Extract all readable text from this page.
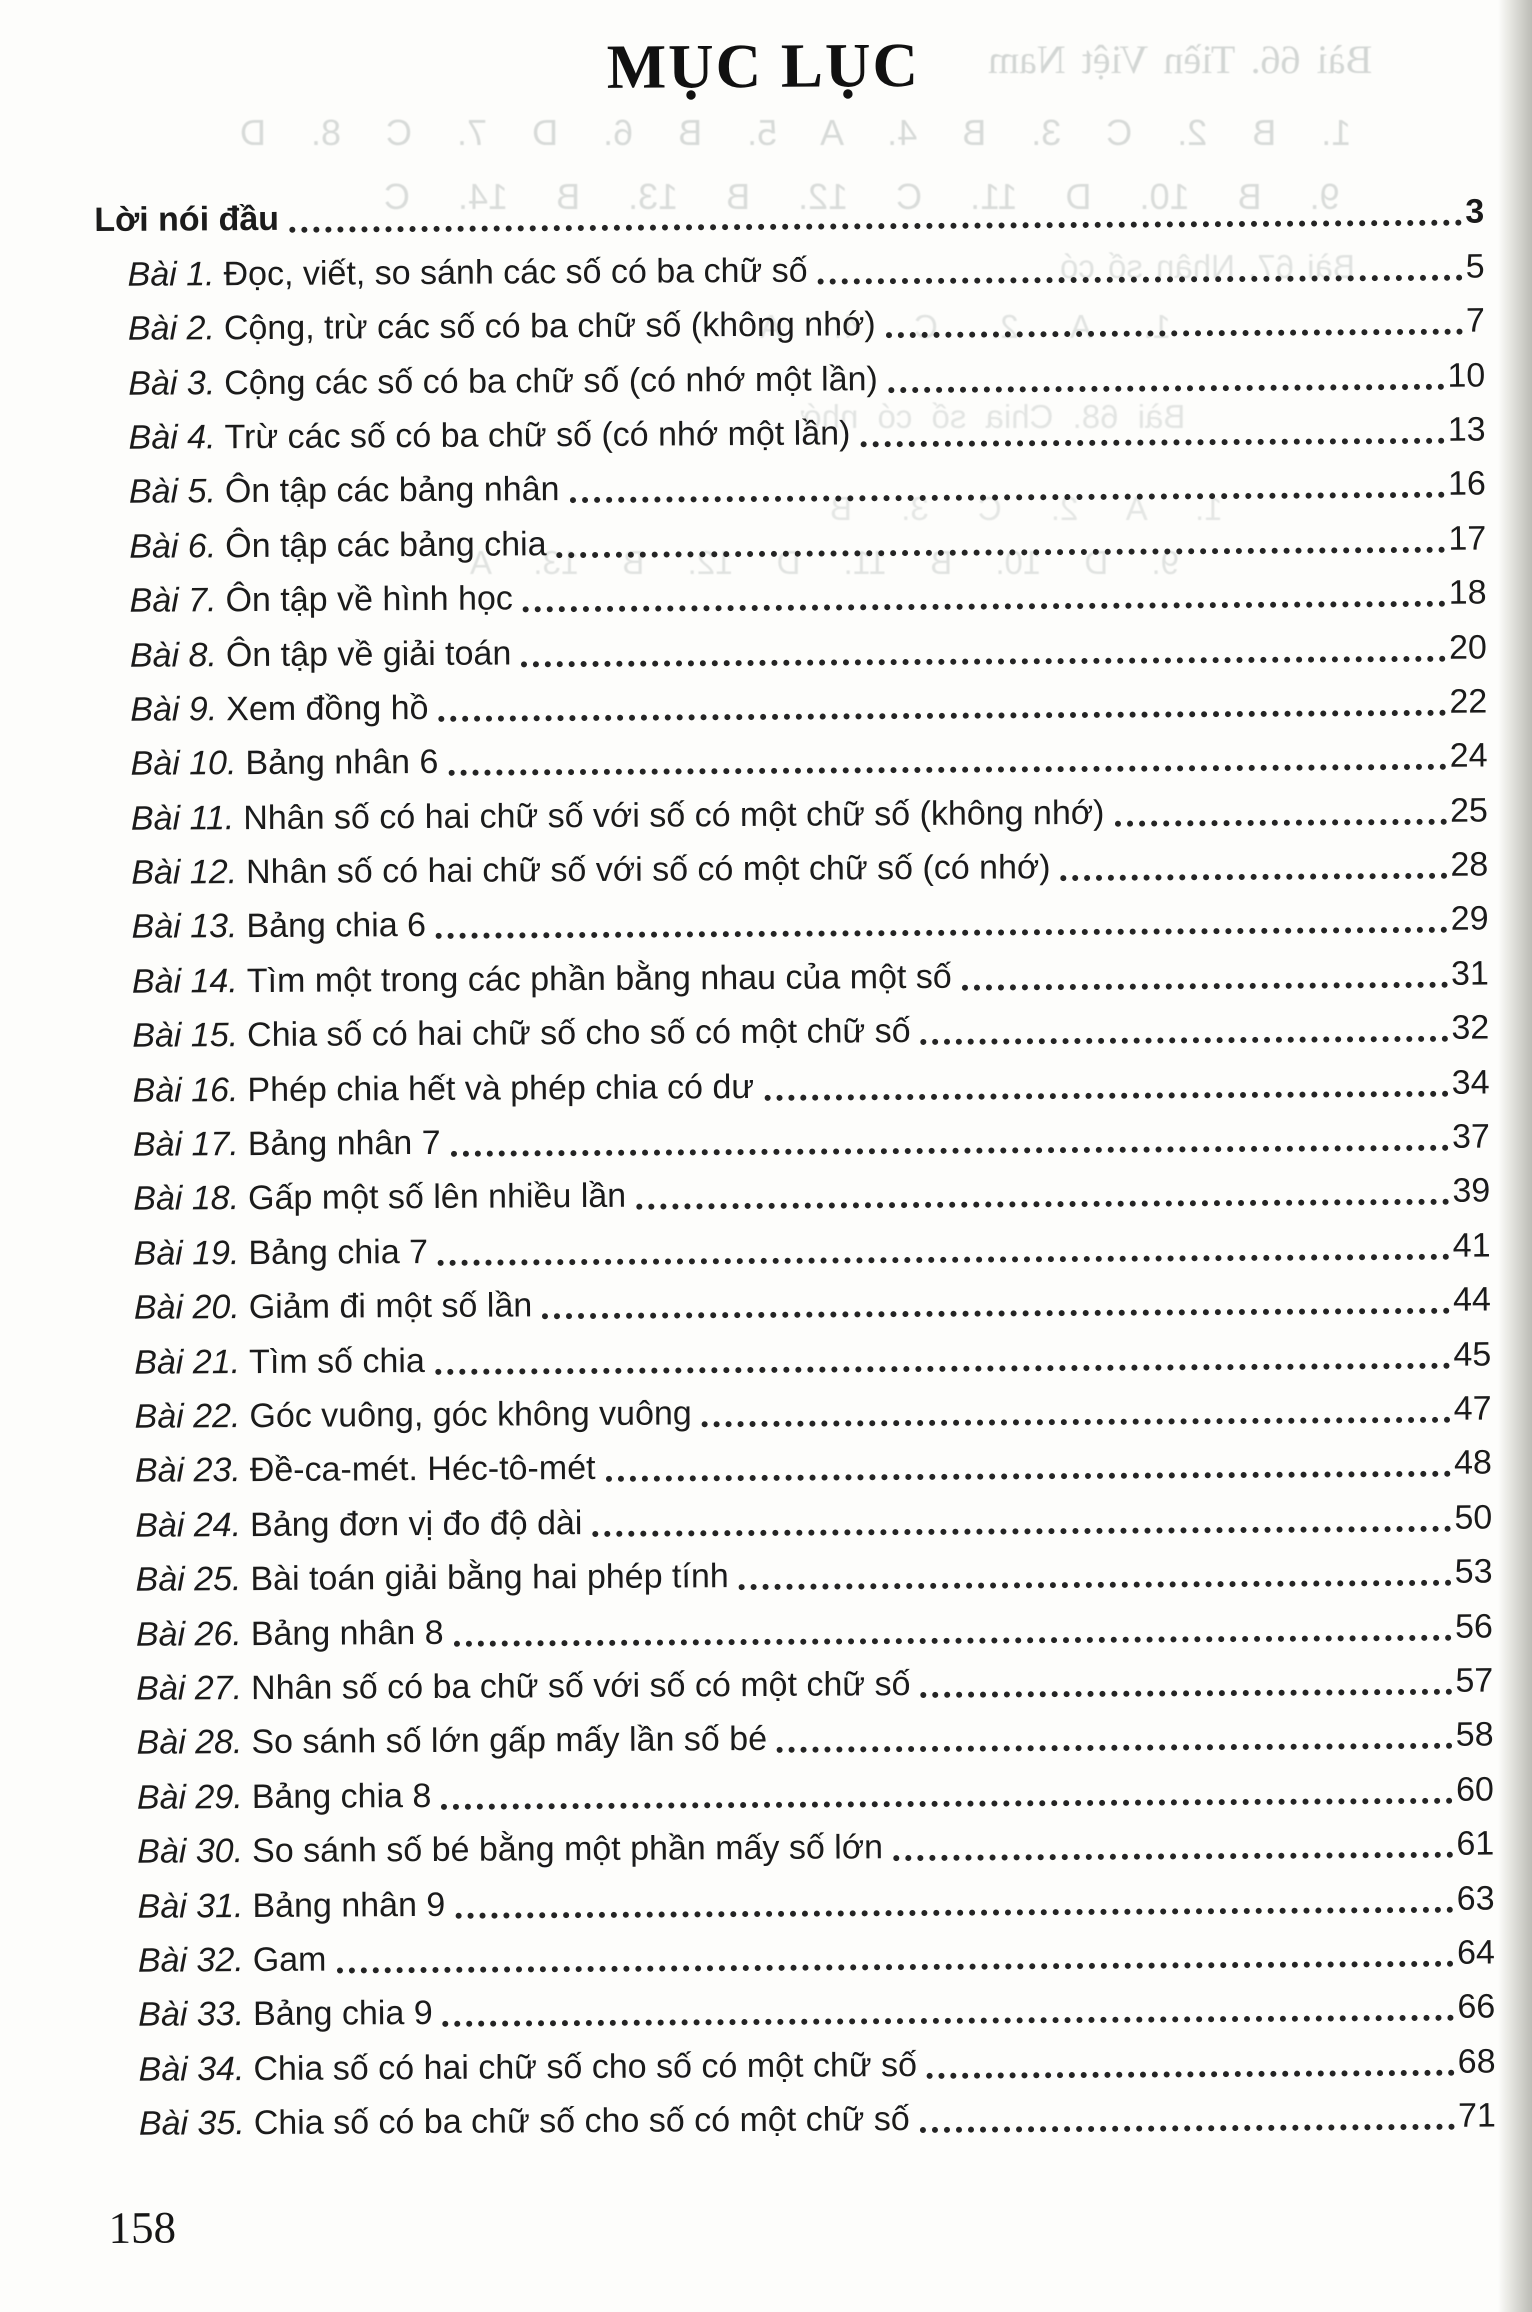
Bài 66. Tiền Việt Nam
1. B 2. C 3. B 4. A 5. B 6. D 7. C 8. D
9. B 10. D 11. C 12. B 13. B 14. C
Bài 67. Nhân số có
1. A 2. C 4. A
Bài 68. Chia số có nhớ
1. A 2. C 3. B
9. D 10. B 11. D 12. B 13. A
MỤC LỤC
Lời nói đầu	3
Bài 1. Đọc, viết, so sánh các số có ba chữ số	5
Bài 2. Cộng, trừ các số có ba chữ số (không nhớ)	7
Bài 3. Cộng các số có ba chữ số (có nhớ một lần)	10
Bài 4. Trừ các số có ba chữ số (có nhớ một lần)	13
Bài 5. Ôn tập các bảng nhân	16
Bài 6. Ôn tập các bảng chia	17
Bài 7. Ôn tập về hình học	18
Bài 8. Ôn tập về giải toán	20
Bài 9. Xem đồng hồ	22
Bài 10. Bảng nhân 6	24
Bài 11. Nhân số có hai chữ số với số có một chữ số (không nhớ)	25
Bài 12. Nhân số có hai chữ số với số có một chữ số (có nhớ)	28
Bài 13. Bảng chia 6	29
Bài 14. Tìm một trong các phần bằng nhau của một số	31
Bài 15. Chia số có hai chữ số cho số có một chữ số	32
Bài 16. Phép chia hết và phép chia có dư	34
Bài 17. Bảng nhân 7	37
Bài 18. Gấp một số lên nhiều lần	39
Bài 19. Bảng chia 7	41
Bài 20. Giảm đi một số lần	44
Bài 21. Tìm số chia	45
Bài 22. Góc vuông, góc không vuông	47
Bài 23. Đề-ca-mét. Héc-tô-mét	48
Bài 24. Bảng đơn vị đo độ dài	50
Bài 25. Bài toán giải bằng hai phép tính	53
Bài 26. Bảng nhân 8	56
Bài 27. Nhân số có ba chữ số với số có một chữ số	57
Bài 28. So sánh số lớn gấp mấy lần số bé	58
Bài 29. Bảng chia 8	60
Bài 30. So sánh số bé bằng một phần mấy số lớn	61
Bài 31. Bảng nhân 9	63
Bài 32. Gam	64
Bài 33. Bảng chia 9	66
Bài 34. Chia số có hai chữ số cho số có một chữ số	68
Bài 35. Chia số có ba chữ số cho số có một chữ số	71
158
